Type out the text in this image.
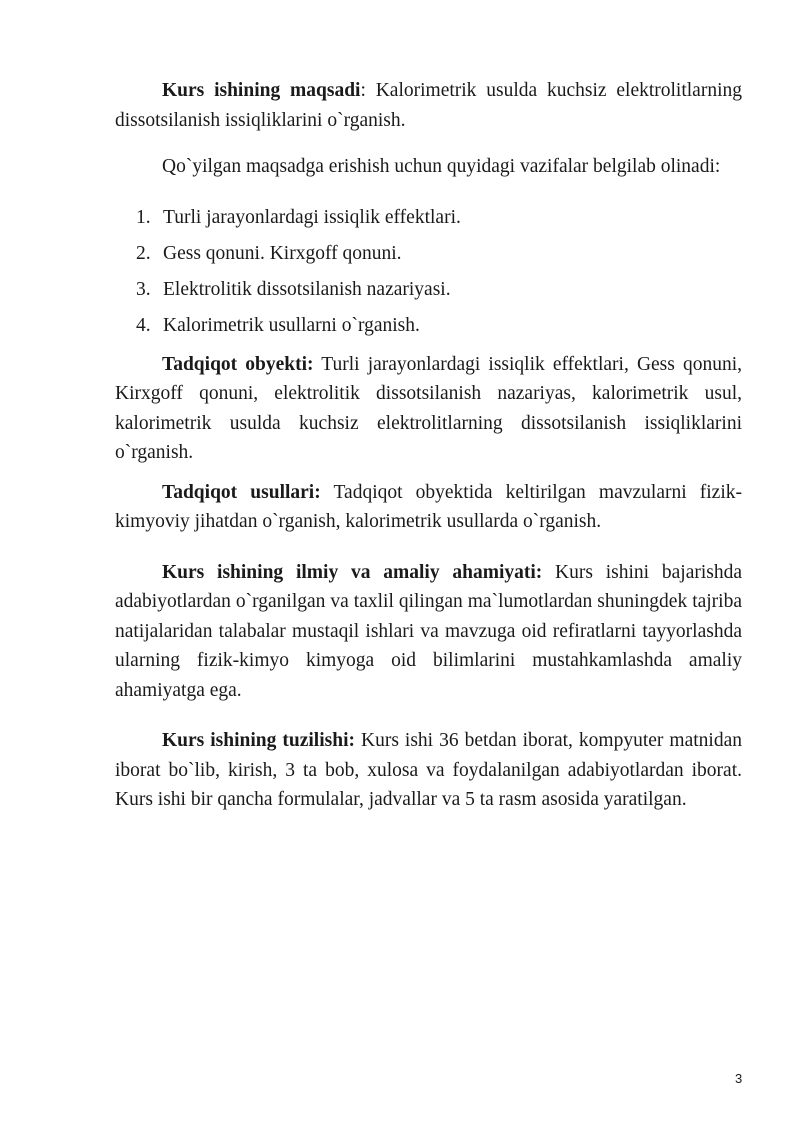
Kurs ishining maqsadi: Kalorimetrik usulda kuchsiz elektrolitlarning dissotsilanish issiqliklarini o`rganish.

Qo`yilgan maqsadga erishish uchun quyidagi vazifalar belgilab olinadi:

1. Turli jarayonlardagi issiqlik effektlari.
2. Gess qonuni. Kirxgoff qonuni.
3. Elektrolitik dissotsilanish nazariyasi.
4. Kalorimetrik usullarni o`rganish.

Tadqiqot obyekti: Turli jarayonlardagi issiqlik effektlari, Gess qonuni, Kirxgoff qonuni, elektrolitik dissotsilanish nazariyas, kalorimetrik usul, kalorimetrik usulda kuchsiz elektrolitlarning dissotsilanish issiqliklarini o`rganish.

Tadqiqot usullari: Tadqiqot obyektida keltirilgan mavzularni fizik-kimyoviy jihatdan o`rganish, kalorimetrik usullarda o`rganish.

Kurs ishining ilmiy va amaliy ahamiyati: Kurs ishini bajarishda adabiyotlardan o`rganilgan va taxlil qilingan ma`lumotlardan shuningdek tajriba natijalaridan talabalar mustaqil ishlari va mavzuga oid refiratlarni tayyorlashda ularning fizik-kimyo kimyoga oid bilimlarini mustahkamlashda amaliy ahamiyatga ega.

Kurs ishining tuzilishi: Kurs ishi 36 betdan iborat, kompyuter matnidan iborat bo`lib, kirish, 3 ta bob, xulosa va foydalanilgan adabiyotlardan iborat. Kurs ishi bir qancha formulalar, jadvallar va 5 ta rasm asosida yaratilgan.

3
